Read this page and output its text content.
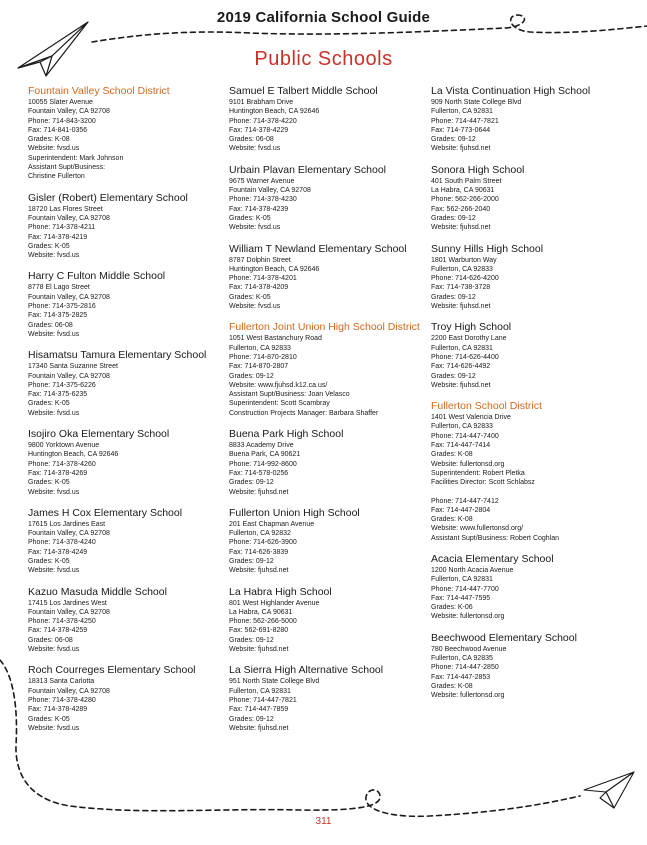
2019 California School Guide
Public Schools
Fountain Valley School District
10055 Slater Avenue
Fountain Valley, CA 92708
Phone: 714-843-3200
Fax: 714-841-0356
Grades: K-08
Website: fvsd.us
Superintendent: Mark Johnson
Assistant Supt/Business:
Christine Fullerton
Gisler (Robert) Elementary School
18720 Las Flores Street
Fountain Valley, CA 92708
Phone: 714-378-4211
Fax: 714-378-4219
Grades: K-05
Website: fvsd.us
Harry C Fulton Middle School
8778 El Lago Street
Fountain Valley, CA 92708
Phone: 714-375-2816
Fax: 714-375-2825
Grades: 06-08
Website: fvsd.us
Hisamatsu Tamura Elementary School
17340 Santa Suzanne Street
Fountain Valley, CA 92708
Phone: 714-375-6226
Fax: 714-375-6235
Grades: K-05
Website: fvsd.us
Isojiro Oka Elementary School
9800 Yorktown Avenue
Huntington Beach, CA 92646
Phone: 714-378-4260
Fax: 714-378-4269
Grades: K-05
Website: fvsd.us
James H Cox Elementary School
17615 Los Jardines East
Fountain Valley, CA 92708
Phone: 714-378-4240
Fax: 714-378-4249
Grades: K-05
Website: fvsd.us
Kazuo Masuda Middle School
17415 Los Jardines West
Fountain Valley, CA 92708
Phone: 714-378-4250
Fax: 714-378-4259
Grades: 06-08
Website: fvsd.us
Roch Courreges Elementary School
18313 Santa Carlotta
Fountain Valley, CA 92708
Phone: 714-378-4280
Fax: 714-378-4289
Grades: K-05
Website: fvsd.us
Samuel E Talbert Middle School
9101 Brabham Drive
Huntington Beach, CA 92646
Phone: 714-378-4220
Fax: 714-378-4229
Grades: 06-08
Website: fvsd.us
Urbain Plavan Elementary School
9675 Warner Avenue
Fountain Valley, CA 92708
Phone: 714-378-4230
Fax: 714-378-4239
Grades: K-05
Website: fvsd.us
William T Newland Elementary School
8787 Dolphin Street
Huntington Beach, CA 92646
Phone: 714-378-4201
Fax: 714-378-4209
Grades: K-05
Website: fvsd.us
Fullerton Joint Union High School District
1051 West Bastanchury Road
Fullerton, CA 92833
Phone: 714-870-2810
Fax: 714-870-2807
Grades: 09-12
Website: www.fjuhsd.k12.ca.us/
Assistant Supt/Business: Joan Velasco
Superintendent: Scott Scambray
Construction Projects Manager: Barbara Shaffer
Buena Park High School
8833 Academy Drive
Buena Park, CA 90621
Phone: 714-992-8600
Fax: 714-578-0256
Grades: 09-12
Website: fjuhsd.net
Fullerton Union High School
201 East Chapman Avenue
Fullerton, CA 92832
Phone: 714-626-3900
Fax: 714-626-3839
Grades: 09-12
Website: fjuhsd.net
La Habra High School
801 West Highlander Avenue
La Habra, CA 90631
Phone: 562-266-5000
Fax: 562-691-8280
Grades: 09-12
Website: fjuhsd.net
La Sierra High Alternative School
951 North State College Blvd
Fullerton, CA 92831
Phone: 714-447-7821
Fax: 714-447-7859
Grades: 09-12
Website: fjuhsd.net
La Vista Continuation High School
909 North State College Blvd
Fullerton, CA 92831
Phone: 714-447-7821
Fax: 714-773-0644
Grades: 09-12
Website: fjuhsd.net
Sonora High School
401 South Palm Street
La Habra, CA 90631
Phone: 562-266-2000
Fax: 562-266-2040
Grades: 09-12
Website: fjuhsd.net
Sunny Hills High School
1801 Warburton Way
Fullerton, CA 92833
Phone: 714-626-4200
Fax: 714-738-3728
Grades: 09-12
Website: fjuhsd.net
Troy High School
2200 East Dorothy Lane
Fullerton, CA 92831
Phone: 714-626-4400
Fax: 714-626-4492
Grades: 09-12
Website: fjuhsd.net
Fullerton School District
1401 West Valencia Drive
Fullerton, CA 92833
Phone: 714-447-7400
Fax: 714-447-7414
Grades: K-08
Website: fullertonsd.org
Superintendent: Robert Pletka
Facilities Director: Scott Schlabsz
Phone: 714-447-7412
Fax: 714-447-2804
Grades: K-08
Website: www.fullertonsd.org/
Assistant Supt/Business: Robert Coghlan
Acacia Elementary School
1200 North Acacia Avenue
Fullerton, CA 92831
Phone: 714-447-7700
Fax: 714-447-7595
Grades: K-06
Website: fullertonsd.org
Beechwood Elementary School
780 Beechwood Avenue
Fullerton, CA 92835
Phone: 714-447-2850
Fax: 714-447-2853
Grades: K-08
Website: fullertonsd.org
311
